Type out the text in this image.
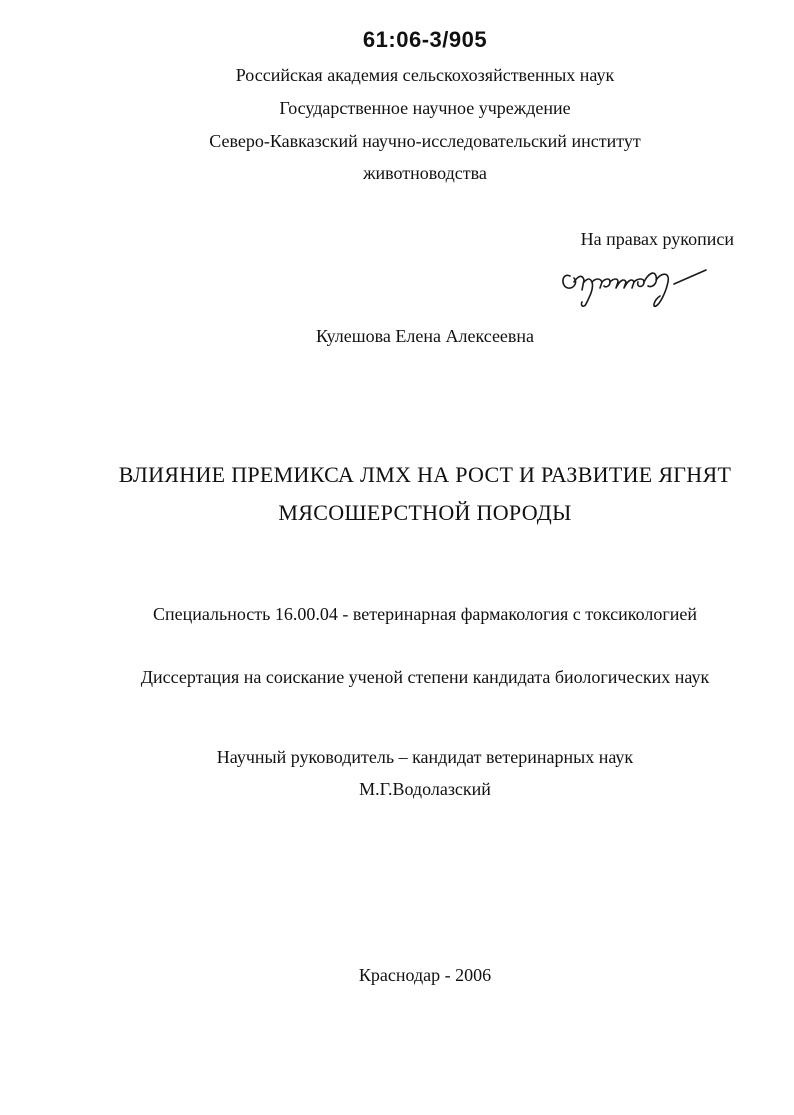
61:06-3/905
Российская академия сельскохозяйственных наук
Государственное научное учреждение
Северо-Кавказский научно-исследовательский институт
животноводства
На правах рукописи
Кулешова Елена Алексеевна
ВЛИЯНИЕ ПРЕМИКСА ЛМХ НА РОСТ И РАЗВИТИЕ ЯГНЯТ
МЯСОШЕРСТНОЙ ПОРОДЫ
Специальность 16.00.04 - ветеринарная фармакология с токсикологией
Диссертация на соискание ученой степени кандидата биологических наук
Научный руководитель – кандидат ветеринарных наук
М.Г.Водолазский
Краснодар - 2006
